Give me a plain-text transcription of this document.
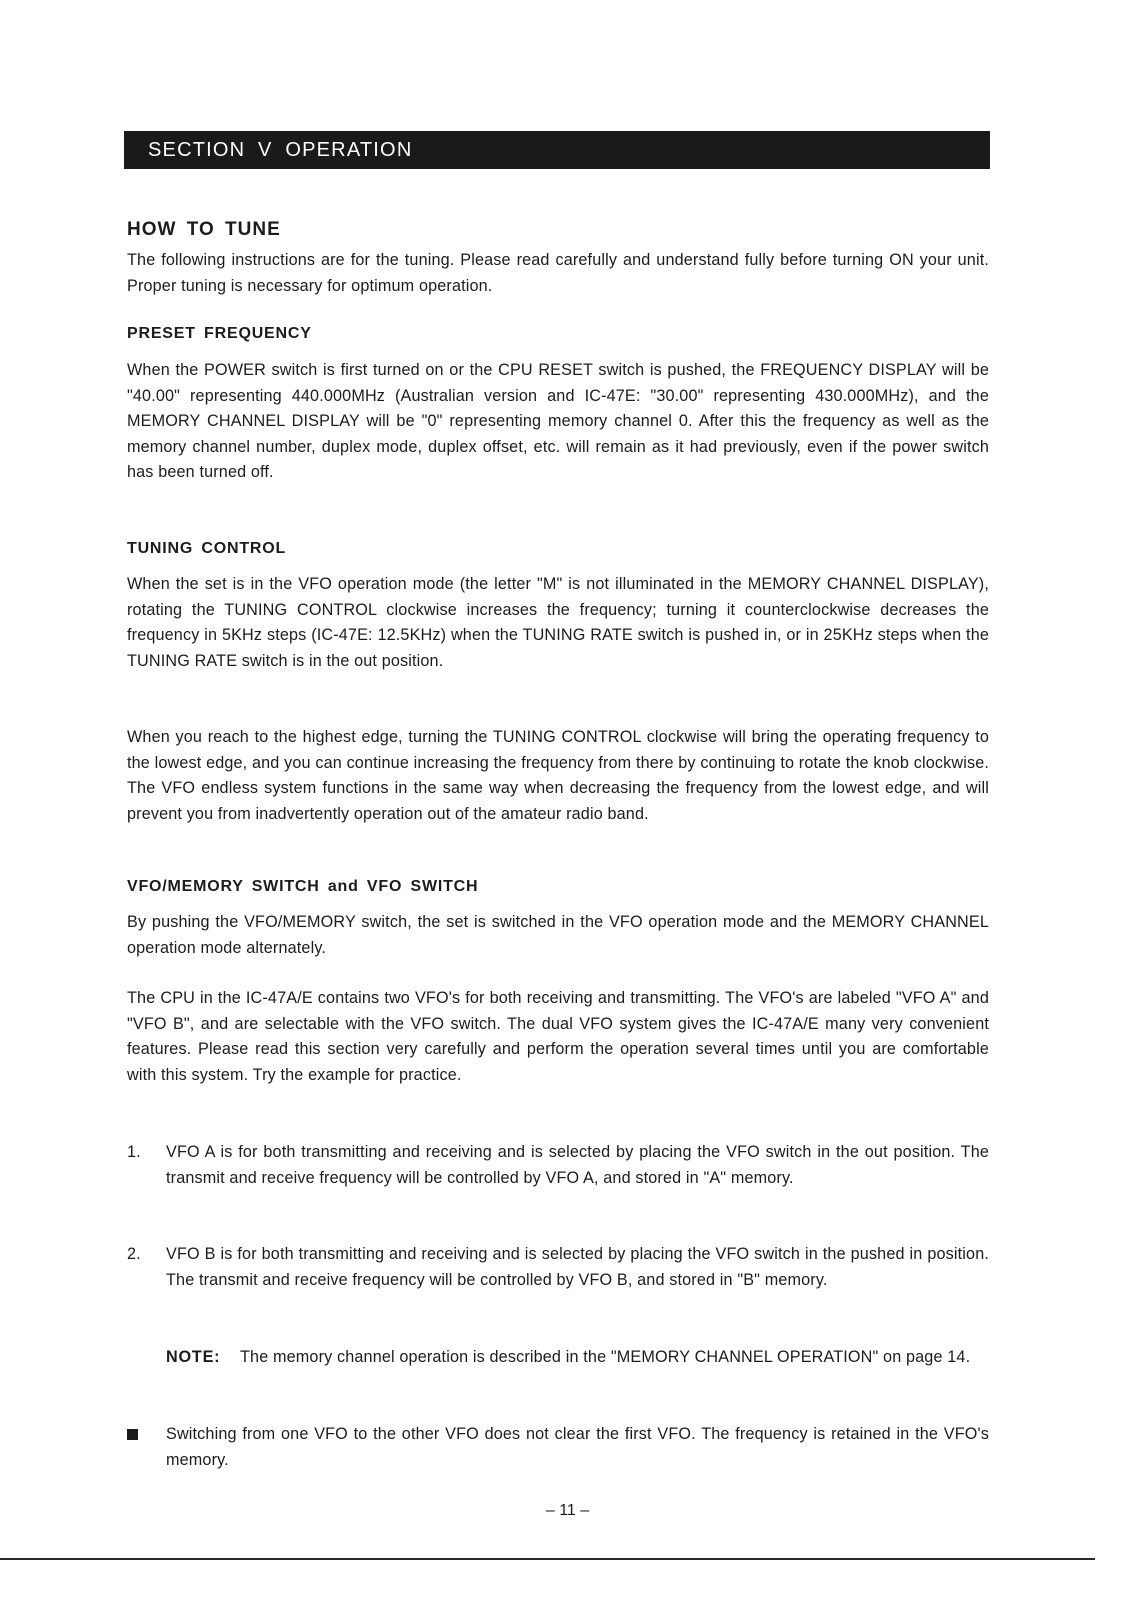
SECTION V OPERATION
HOW TO TUNE
The following instructions are for the tuning. Please read carefully and understand fully before turning ON your unit. Proper tuning is necessary for optimum operation.
PRESET FREQUENCY
When the POWER switch is first turned on or the CPU RESET switch is pushed, the FREQUENCY DISPLAY will be "40.00" representing 440.000MHz (Australian version and IC-47E: "30.00" representing 430.000MHz), and the MEMORY CHANNEL DISPLAY will be "0" representing memory channel 0. After this the frequency as well as the memory channel number, duplex mode, duplex offset, etc. will remain as it had previously, even if the power switch has been turned off.
TUNING CONTROL
When the set is in the VFO operation mode (the letter "M" is not illuminated in the MEMORY CHANNEL DISPLAY), rotating the TUNING CONTROL clockwise increases the frequency; turning it counterclockwise decreases the frequency in 5KHz steps (IC-47E: 12.5KHz) when the TUNING RATE switch is pushed in, or in 25KHz steps when the TUNING RATE switch is in the out position.
When you reach to the highest edge, turning the TUNING CONTROL clockwise will bring the operating frequency to the lowest edge, and you can continue increasing the frequency from there by continuing to rotate the knob clockwise. The VFO endless system functions in the same way when decreasing the frequency from the lowest edge, and will prevent you from inadvertently operation out of the amateur radio band.
VFO/MEMORY SWITCH and VFO SWITCH
By pushing the VFO/MEMORY switch, the set is switched in the VFO operation mode and the MEMORY CHANNEL operation mode alternately.
The CPU in the IC-47A/E contains two VFO's for both receiving and transmitting. The VFO's are labeled "VFO A" and "VFO B", and are selectable with the VFO switch. The dual VFO system gives the IC-47A/E many very convenient features. Please read this section very carefully and perform the operation several times until you are comfortable with this system. Try the example for practice.
1. VFO A is for both transmitting and receiving and is selected by placing the VFO switch in the out position. The transmit and receive frequency will be controlled by VFO A, and stored in "A" memory.
2. VFO B is for both transmitting and receiving and is selected by placing the VFO switch in the pushed in position. The transmit and receive frequency will be controlled by VFO B, and stored in "B" memory.
NOTE: The memory channel operation is described in the "MEMORY CHANNEL OPERATION" on page 14.
Switching from one VFO to the other VFO does not clear the first VFO. The frequency is retained in the VFO's memory.
– 11 –
